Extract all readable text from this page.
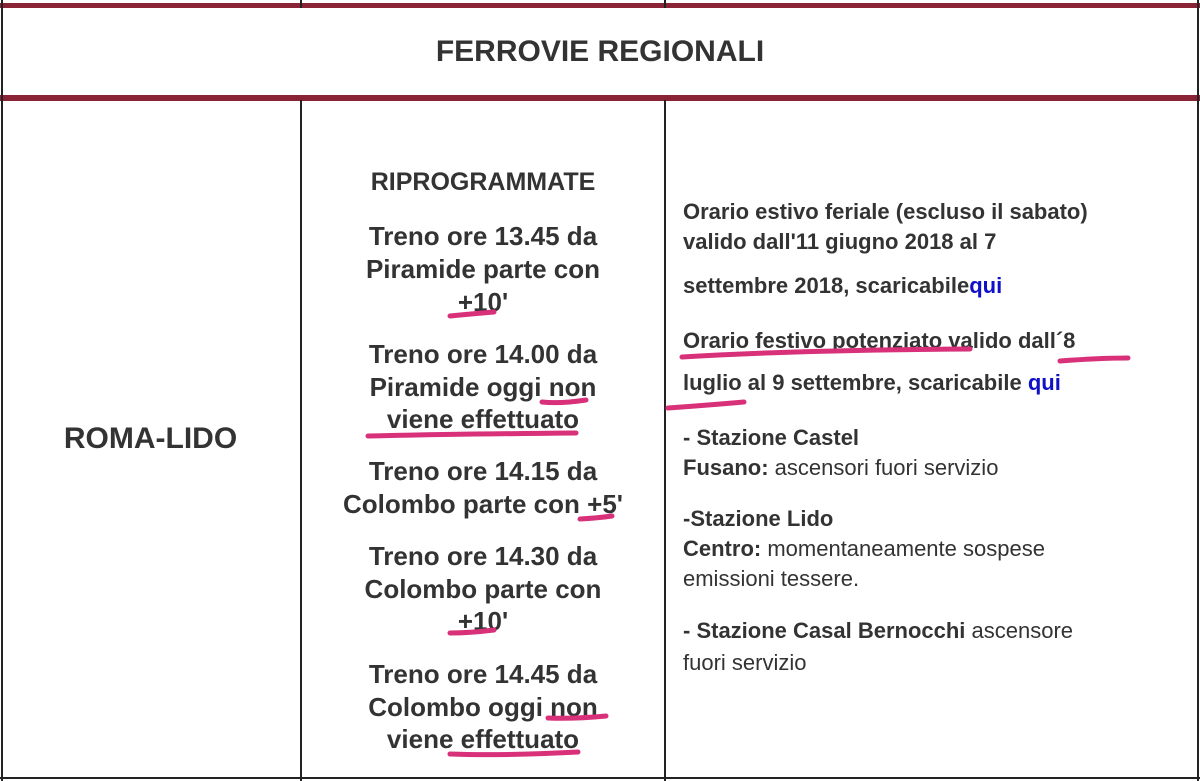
FERROVIE REGIONALI
ROMA-LIDO
RIPROGRAMMATE
Treno ore 13.45 da
Piramide parte con
+10'
Treno ore 14.00 da
Piramide oggi non
viene effettuato
Treno ore 14.15 da
Colombo parte con +5'
Treno ore 14.30 da
Colombo parte con
+10'
Treno ore 14.45 da
Colombo oggi non
viene effettuato
Orario estivo feriale (escluso il sabato)
valido dall'11 giugno 2018 al 7
settembre 2018, scaricabilequi
Orario festivo potenziato valido dall´8
luglio al 9 settembre, scaricabile qui
- Stazione Castel
Fusano: ascensori fuori servizio
-Stazione Lido
Centro: momentaneamente sospese
emissioni tessere.
- Stazione Casal Bernocchi ascensore
fuori servizio
